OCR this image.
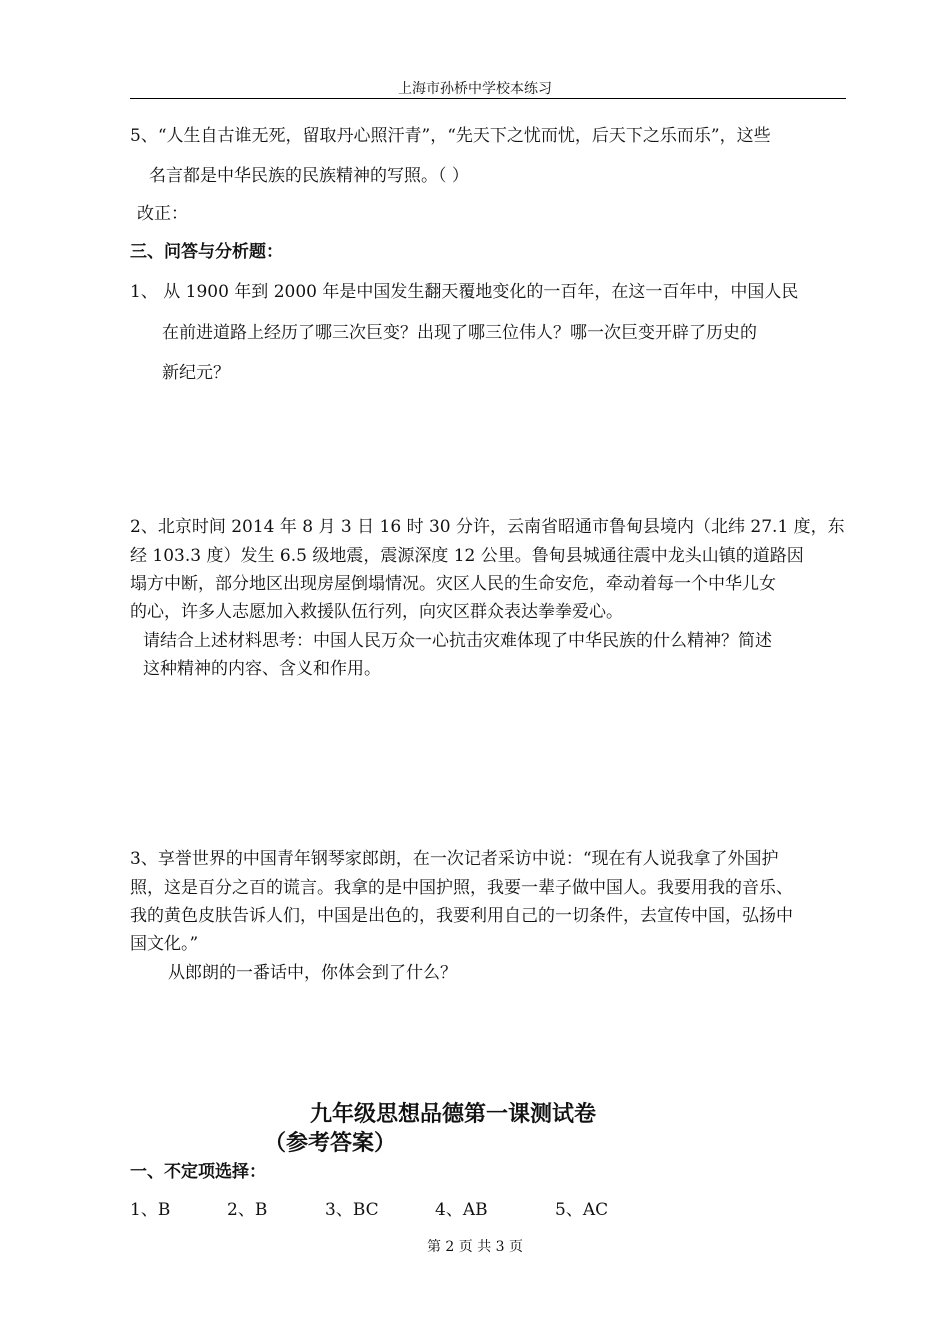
上海市孙桥中学校本练习
5、“人生自古谁无死，留取丹心照汗青”，“先天下之忧而忧，后天下之乐而乐”，这些
名言都是中华民族的民族精神的写照。（ ）
改正：
三、问答与分析题：
1、 从 1900 年到 2000 年是中国发生翻天覆地变化的一百年，在这一百年中，中国人民
在前进道路上经历了哪三次巨变？出现了哪三位伟人？哪一次巨变开辟了历史的
新纪元？
2、北京时间 2014 年 8 月 3 日 16 时 30 分许，云南省昭通市鲁甸县境内（北纬 27.1 度，东
经 103.3 度）发生 6.5 级地震，震源深度 12 公里。鲁甸县城通往震中龙头山镇的道路因
塌方中断，部分地区出现房屋倒塌情况。灾区人民的生命安危，牵动着每一个中华儿女
的心，许多人志愿加入救援队伍行列，向灾区群众表达拳拳爱心。
请结合上述材料思考：中国人民万众一心抗击灾难体现了中华民族的什么精神？简述
这种精神的内容、含义和作用。
3、享誉世界的中国青年钢琴家郎朗，在一次记者采访中说：“现在有人说我拿了外国护
照，这是百分之百的谎言。我拿的是中国护照，我要一辈子做中国人。我要用我的音乐、
我的黄色皮肤告诉人们，中国是出色的，我要利用自己的一切条件，去宣传中国，弘扬中
国文化。”
从郎朗的一番话中，你体会到了什么？
九年级思想品德第一课测试卷
（参考答案）
一、不定项选择：
1、B	2、B	3、BC	4、AB	5、AC
第 2 页 共 3 页
